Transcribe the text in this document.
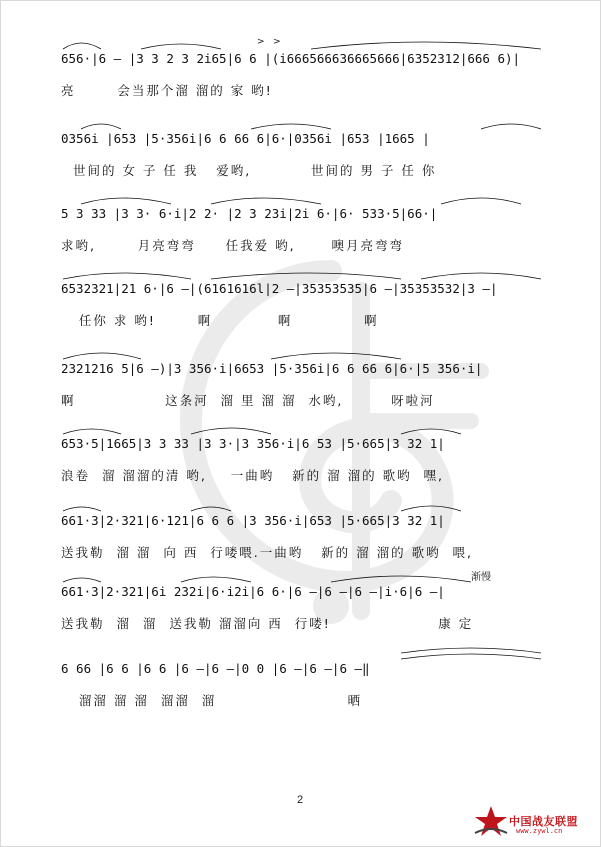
>   >
656·|6 – |3 3 2 3 2i65|6 6 |(i666566636665666|6352312|666 6)|
亮       会当那个溜 溜的 家 哟!
0356i |653 |5·356i|6 6 66 6|6·|0356i |653 |1665 |
世间的 女 子 任 我   爱哟,          世间的 男 子 任 你
5 3 33 |3 3· 6·i|2 2· |2 3 23i|2i 6·|6· 533·5|66·|
求哟,       月亮弯弯     任我爱 哟,      噢月亮弯弯
6532321|21 6·|6 –|(6161616l|2 –|35353535|6 –|35353532|3 –|
任你 求 哟!       啊           啊            啊
2321216 5|6 –)|3 356·i|6653 |5·356i|6 6 66 6|6·|5 356·i|
啊               这条河  溜 里 溜 溜  水哟,        呀啦河
653·5|1665|3 3 33 |3 3·|3 356·i|6 53 |5·665|3 32 1|
浪卷  溜 溜溜的清 哟,    一曲哟   新的 溜 溜的 歌哟  嘿,
661·3|2·321|6·121|6 6 6 |3 356·i|653 |5·665|3 32 1|
送我勒  溜 溜  向 西  行喽喂.一曲哟   新的 溜 溜的 歌哟  喂,
渐慢
661·3|2·321|6i 232i|6·i2i|6 6·|6 –|6 –|6 –|i·6|6 –|
送我勒  溜  溜  送我勒 溜溜向 西  行喽!                  康 定
6 66 |6 6 |6 6 |6 –|6 –|0 0 |6 –|6 –|6 –‖
溜溜 溜 溜  溜溜  溜                      晒
2
中国战友联盟
www.zywl.cn
